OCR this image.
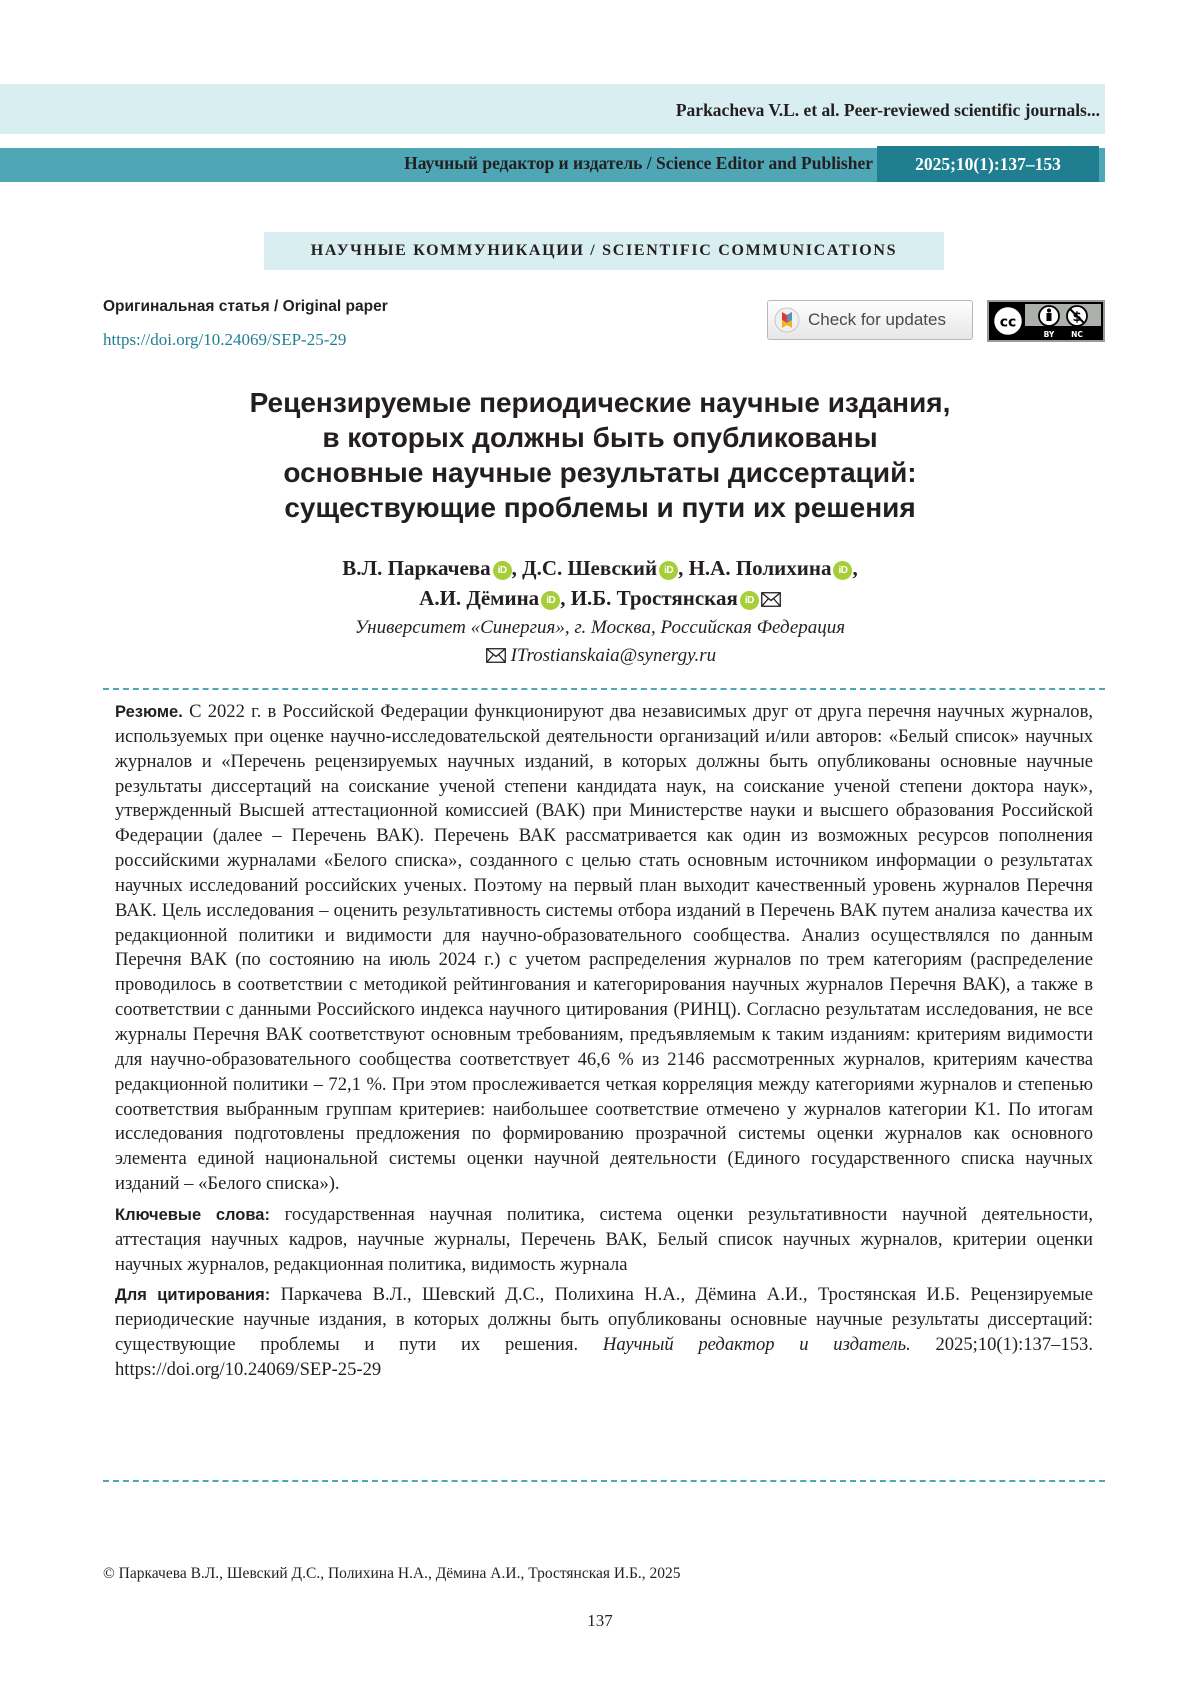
Parkacheva V.L. et al. Peer-reviewed scientific journals...
Научный редактор и издатель / Science Editor and Publisher	2025;10(1):137–153
НАУЧНЫЕ КОММУНИКАЦИИ / SCIENTIFIC COMMUNICATIONS
Оригинальная статья / Original paper
https://doi.org/10.24069/SEP-25-29
Check for updates	cc	$
BY NC
Рецензируемые периодические научные издания,
в которых должны быть опубликованы
основные научные результаты диссертаций:
существующие проблемы и пути их решения
В.Л. Паркачева iD , Д.С. Шевский iD , Н.А. Полихина iD ,
А.И. Дёмина iD , И.Б. Тростянская iD
Университет «Синергия», г. Москва, Российская Федерация
ITrostianskaia@synergy.ru

Резюме. С 2022 г. в Российской Федерации функционируют два независимых друг от друга перечня научных журналов, используемых при оценке научно-исследовательской деятельности организаций и/или авторов: «Белый список» научных журналов и «Перечень рецензируемых научных изданий, в которых должны быть опубликованы основные научные результаты диссертаций на соискание ученой степени кандидата наук, на соискание ученой степени доктора наук», утвержденный Высшей аттестационной комиссией (ВАК) при Министерстве науки и высшего образования Российской Федерации (далее – Перечень ВАК). Перечень ВАК рассматривается как один из возможных ресурсов пополнения российскими журналами «Белого списка», созданного с целью стать основным источником информации о результатах научных исследований российских ученых. Поэтому на первый план выходит качественный уровень журналов Перечня ВАК. Цель исследования – оценить результативность системы отбора изданий в Перечень ВАК путем анализа качества их редакционной политики и видимости для научно-образовательного сообщества. Анализ осуществлялся по данным Перечня ВАК (по состоянию на июль 2024 г.) с учетом распределения журналов по трем категориям (распределение проводилось в соответствии с методикой рейтингования и категорирования научных журналов Перечня ВАК), а также в соответствии с данными Российского индекса научного цитирования (РИНЦ). Согласно результатам исследования, не все журналы Перечня ВАК соответствуют основным требованиям, предъявляемым к таким изданиям: критериям видимости для научно-образовательного сообщества соответствует 46,6 % из 2146 рассмотренных журналов, критериям качества редакционной политики – 72,1 %. При этом прослеживается четкая корреляция между категориями журналов и степенью соответствия выбранным группам критериев: наибольшее соответствие отмечено у журналов категории К1. По итогам исследования подготовлены предложения по формированию прозрачной системы оценки журналов как основного элемента единой национальной системы оценки научной деятельности (Единого государственного списка научных изданий – «Белого списка»).

Ключевые слова: государственная научная политика, система оценки результативности научной деятельности, аттестация научных кадров, научные журналы, Перечень ВАК, Белый список научных журналов, критерии оценки научных журналов, редакционная политика, видимость журнала

Для цитирования: Паркачева В.Л., Шевский Д.С., Полихина Н.А., Дёмина А.И., Тростянская И.Б. Рецензируемые периодические научные издания, в которых должны быть опубликованы основные научные результаты диссертаций: существующие проблемы и пути их решения. Научный редактор и издатель. 2025;10(1):137–153. https://doi.org/10.24069/SEP-25-29

© Паркачева В.Л., Шевский Д.С., Полихина Н.А., Дёмина А.И., Тростянская И.Б., 2025
137
